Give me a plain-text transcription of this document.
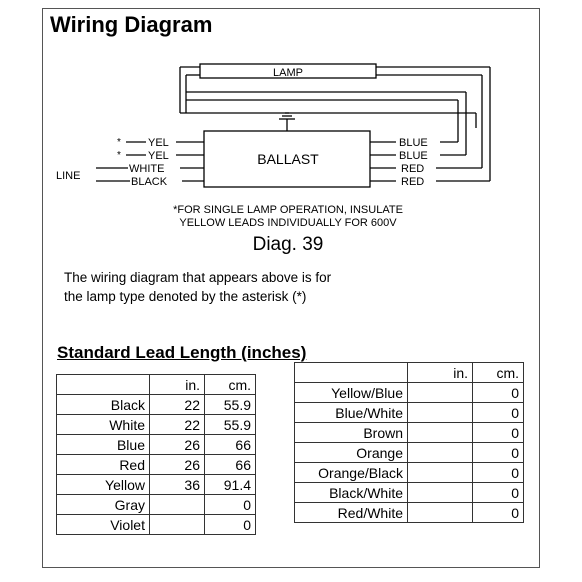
Wiring Diagram
LAMP
BALLAST
LINE
* YEL
* YEL
WHITE
BLACK
BLUE
BLUE
RED
RED
*FOR SINGLE LAMP OPERATION, INSULATE
YELLOW LEADS INDIVIDUALLY FOR 600V
Diag. 39
The wiring diagram that appears above is for
the lamp type denoted by the asterisk (*)
Standard Lead Length (inches)
	in.	cm.
Black	22	55.9
White	22	55.9
Blue	26	66
Red	26	66
Yellow	36	91.4
Gray		0
Violet		0
	in.	cm.
Yellow/Blue		0
Blue/White		0
Brown		0
Orange		0
Orange/Black		0
Black/White		0
Red/White		0
